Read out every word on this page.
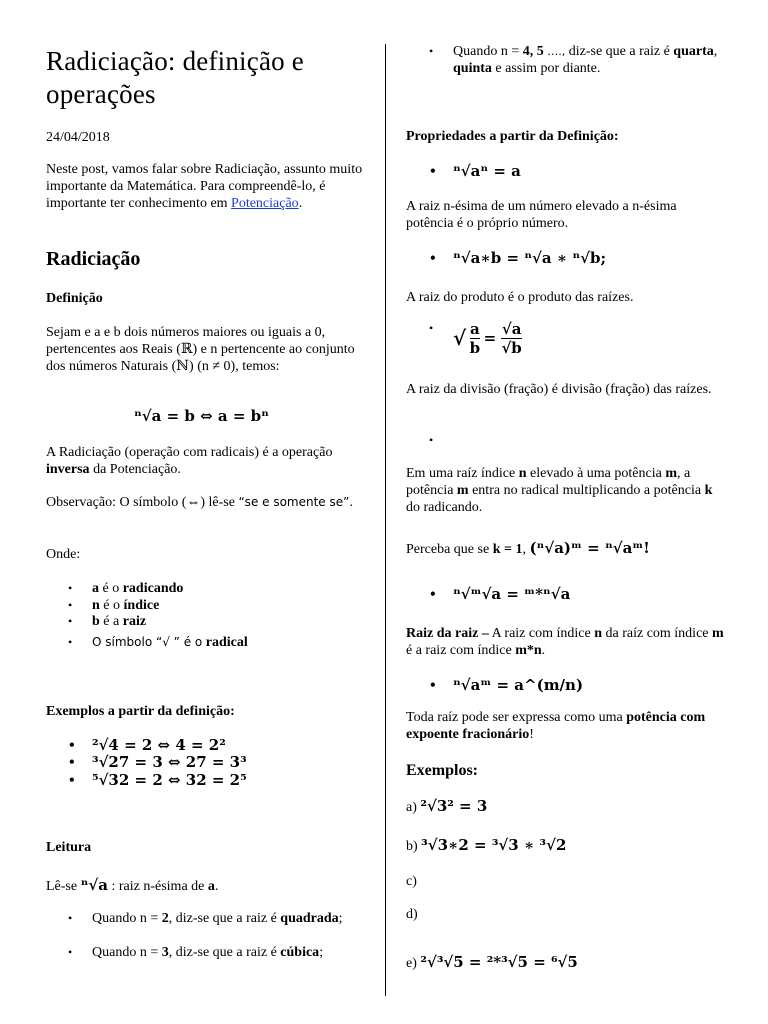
Radiciação: definição e operações
24/04/2018
Neste post, vamos falar sobre Radiciação, assunto muito importante da Matemática. Para compreendê-lo, é importante ter conhecimento em Potenciação.
Radiciação
Definição
Sejam e a e b dois números maiores ou iguais a 0, pertencentes aos Reais (ℝ) e n pertencente ao conjunto dos números Naturais (ℕ) (n ≠ 0), temos:
ⁿ√a = b ⇔ a = bⁿ
A Radiciação (operação com radicais) é a operação inversa da Potenciação.
Observação: O símbolo (⇔) lê-se “se e somente se”.
Onde:
• a é o radicando
• n é o índice
• b é a raiz
• O símbolo “√ ” é o radical
Exemplos a partir da definição:
• ²√4 = 2 ⇔ 4 = 2²
• ³√27 = 3 ⇔ 27 = 3³
• ⁵√32 = 2 ⇔ 32 = 2⁵
Leitura
Lê-se ⁿ√a : raiz n-ésima de a.
• Quando n = 2, diz-se que a raiz é quadrada;
• Quando n = 3, diz-se que a raiz é cúbica;
• Quando n = 4, 5 …., diz-se que a raiz é quarta, quinta e assim por diante.
Propriedades a partir da Definição:
• ⁿ√aⁿ = a
A raiz n-ésima de um número elevado a n-ésima potência é o próprio número.
• ⁿ√a∗b = ⁿ√a ∗ ⁿ√b;
A raiz do produto é o produto das raízes.
• √ $\frac{a}{b} = \frac{√a}{√b}$
A raiz da divisão (fração) é divisão (fração) das raízes.
Em uma raíz índice n elevado à uma potência m, a potência m entra no radical multiplicando a potência k do radicando.
Perceba que se k = 1, (ⁿ√a)ᵐ = ⁿ√aᵐ!
• ⁿ√ᵐ√a = ᵐ*ⁿ√a
Raiz da raiz – A raiz com índice n da raíz com índice m é a raiz com índice m*n.
• ⁿ√aᵐ = a^(m/n)
Toda raíz pode ser expressa como uma potência com expoente fracionário!
Exemplos:
a) ²√3² = 3
b) ³√3∗2 = ³√3 ∗ ³√2
c)
d)
e) ²√³√5 = ²*³√5 = ⁶√5
